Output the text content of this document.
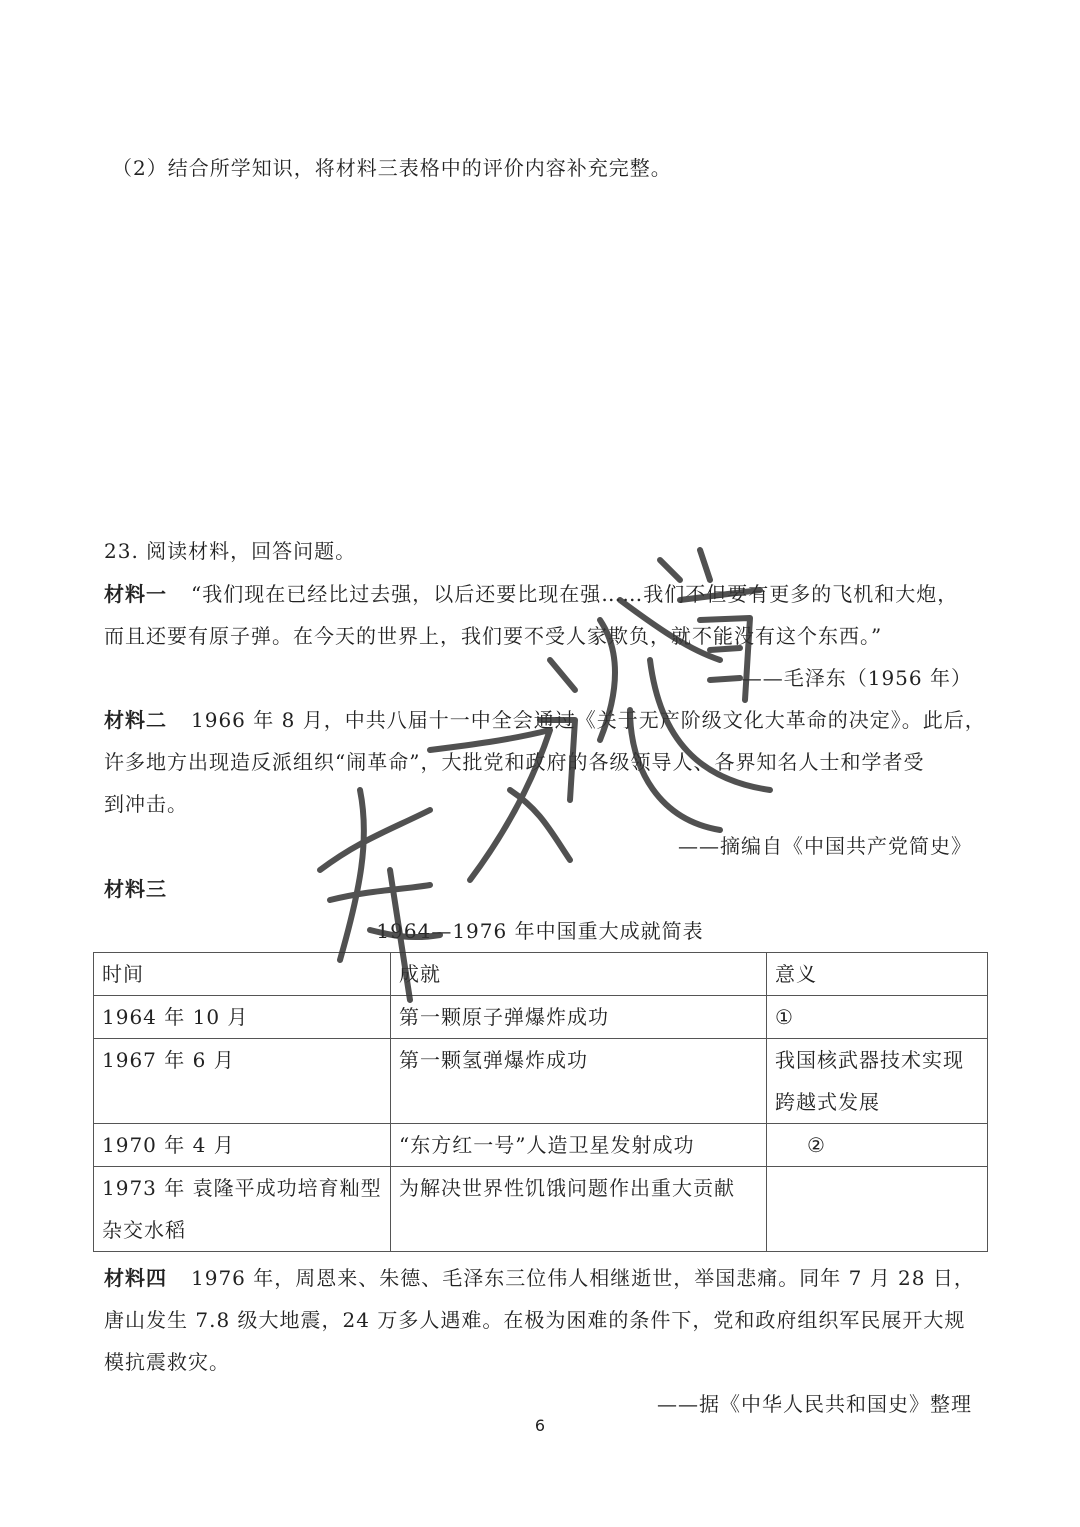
（2）结合所学知识，将材料三表格中的评价内容补充完整。
23. 阅读材料，回答问题。
材料一 “我们现在已经比过去强，以后还要比现在强……我们不但要有更多的飞机和大炮，
而且还要有原子弹。在今天的世界上，我们要不受人家欺负，就不能没有这个东西。”
——毛泽东（1956 年）
材料二 1966 年 8 月，中共八届十一中全会通过《关于无产阶级文化大革命的决定》。此后，
许多地方出现造反派组织“闹革命”，大批党和政府的各级领导人、各界知名人士和学者受
到冲击。
——摘编自《中国共产党简史》
材料三
1964—1976 年中国重大成就简表
时间	成就	意义
1964 年 10 月	第一颗原子弹爆炸成功	①
1967 年 6 月	第一颗氢弹爆炸成功	我国核武器技术实现跨越式发展
1970 年 4 月	“东方红一号”人造卫星发射成功	②
1973 年 袁隆平成功培育籼型杂交水稻	为解决世界性饥饿问题作出重大贡献	
材料四 1976 年，周恩来、朱德、毛泽东三位伟人相继逝世，举国悲痛。同年 7 月 28 日，
唐山发生 7.8 级大地震，24 万多人遇难。在极为困难的条件下，党和政府组织军民展开大规
模抗震救灾。
——据《中华人民共和国史》整理
6
